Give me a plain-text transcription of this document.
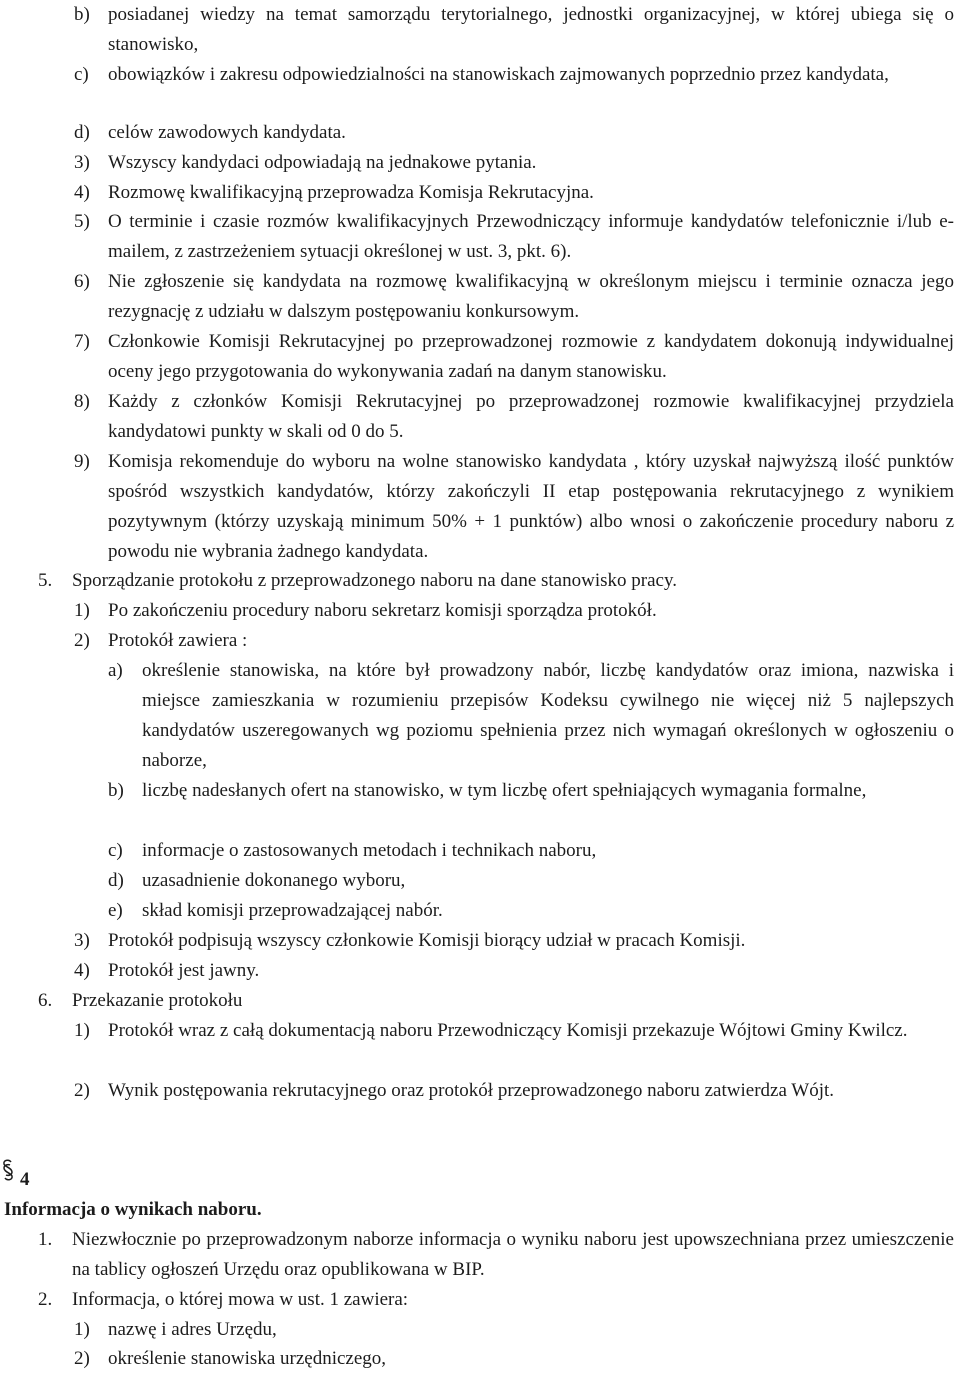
b) posiadanej wiedzy na temat samorządu terytorialnego, jednostki organizacyjnej, w której ubiega się o stanowisko,
c) obowiązków i zakresu odpowiedzialności na stanowiskach zajmowanych poprzednio przez kandydata,
d) celów zawodowych kandydata.
3) Wszyscy kandydaci odpowiadają na jednakowe pytania.
4) Rozmowę kwalifikacyjną przeprowadza Komisja Rekrutacyjna.
5) O terminie i czasie rozmów kwalifikacyjnych Przewodniczący informuje kandydatów telefonicznie i/lub e-mailem, z zastrzeżeniem sytuacji określonej w ust. 3, pkt. 6).
6) Nie zgłoszenie się kandydata na rozmowę kwalifikacyjną w określonym miejscu i terminie oznacza jego rezygnację z udziału w dalszym postępowaniu konkursowym.
7) Członkowie Komisji Rekrutacyjnej po przeprowadzonej rozmowie z kandydatem dokonują indywidualnej oceny jego przygotowania do wykonywania zadań na danym stanowisku.
8) Każdy z członków Komisji Rekrutacyjnej po przeprowadzonej rozmowie kwalifikacyjnej przydziela kandydatowi punkty w skali od 0 do 5.
9) Komisja rekomenduje do wyboru na wolne stanowisko kandydata , który uzyskał najwyższą ilość punktów spośród wszystkich kandydatów, którzy zakończyli II etap postępowania rekrutacyjnego z wynikiem pozytywnym (którzy uzyskają minimum 50% + 1 punktów) albo wnosi o zakończenie procedury naboru z powodu nie wybrania żadnego kandydata.
5. Sporządzanie protokołu z przeprowadzonego naboru na dane stanowisko pracy.
1) Po zakończeniu procedury naboru sekretarz komisji sporządza protokół.
2) Protokół zawiera :
a) określenie stanowiska, na które był prowadzony nabór, liczbę kandydatów oraz imiona, nazwiska i miejsce zamieszkania w rozumieniu przepisów Kodeksu cywilnego nie więcej niż 5 najlepszych kandydatów uszeregowanych wg poziomu spełnienia przez nich wymagań określonych w ogłoszeniu o naborze,
b) liczbę nadesłanych ofert na stanowisko, w tym liczbę ofert spełniających wymagania formalne,
c) informacje o zastosowanych metodach i technikach naboru,
d) uzasadnienie dokonanego wyboru,
e) skład komisji przeprowadzającej nabór.
3) Protokół podpisują wszyscy członkowie Komisji biorący udział w pracach Komisji.
4) Protokół jest jawny.
6. Przekazanie protokołu
1) Protokół wraz z całą dokumentacją naboru Przewodniczący Komisji przekazuje Wójtowi Gminy Kwilcz.
2) Wynik postępowania rekrutacyjnego oraz protokół przeprowadzonego naboru zatwierdza Wójt.
4
Informacja o wynikach naboru.
1. Niezwłocznie po przeprowadzonym naborze informacja o wyniku naboru jest upowszechniana przez umieszczenie na tablicy ogłoszeń Urzędu oraz opublikowana w BIP.
2. Informacja, o której mowa w ust. 1 zawiera:
1) nazwę i adres Urzędu,
2) określenie stanowiska urzędniczego,
